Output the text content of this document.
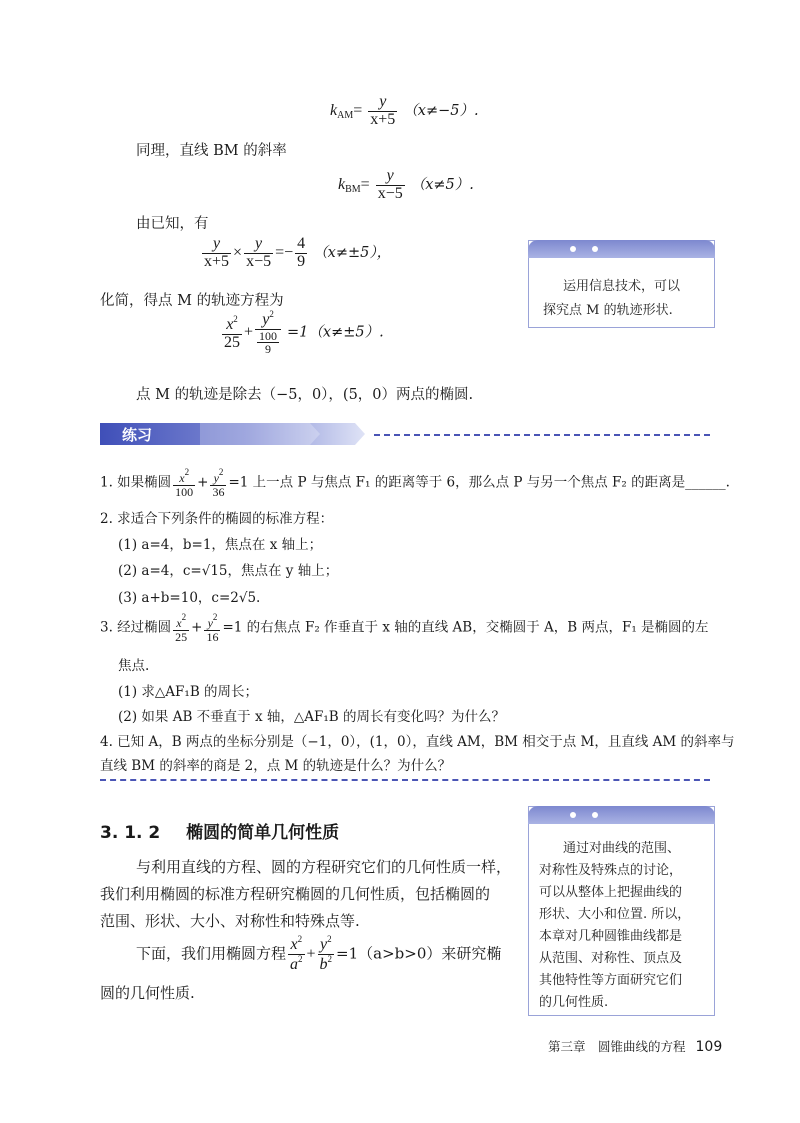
$kAM= \frac{y}{x+5} (x\ne-5)$.
同理，直线 BM 的斜率
$kBM= \frac{y}{x-5} (x\ne 5)$.
由已知，有
$\frac{y}{x+5} \times \frac{y}{x-5} =- \frac{4}{9} (x\ne\pm 5)$，
化简，得点 M 的轨迹方程为
$\frac{x^2}{25} + \frac{y^2}{\frac{100}{9}} =1(x\ne\pm 5)$.
点 M 的轨迹是除去（−5，0），(5，0）两点的椭圆.
运用信息技术，可以
探究点 M 的轨迹形状.
练习
1. 如果椭圆 $\frac{x^2}{100} + \frac{y^2}{36} =1$ 上一点 P 与焦点 F₁ 的距离等于 6，那么点 P 与另一个焦点 F₂ 的距离是______.
2. 求适合下列条件的椭圆的标准方程：
(1) a=4，b=1，焦点在 x 轴上；
(2) a=4，c=√15，焦点在 y 轴上；
(3) a+b=10，c=2√5.
3. 经过椭圆 $\frac{x^2}{25} + \frac{y^2}{16} =1$ 的右焦点 F₂ 作垂直于 x 轴的直线 AB，交椭圆于 A，B 两点，F₁ 是椭圆的左
焦点.
(1) 求△AF₁B 的周长；
(2) 如果 AB 不垂直于 x 轴，△AF₁B 的周长有变化吗？为什么？
4. 已知 A，B 两点的坐标分别是（−1，0），(1，0），直线 AM，BM 相交于点 M，且直线 AM 的斜率与
直线 BM 的斜率的商是 2，点 M 的轨迹是什么？为什么？
3. 1. 2 椭圆的简单几何性质
与利用直线的方程、圆的方程研究它们的几何性质一样，
我们利用椭圆的标准方程研究椭圆的几何性质，包括椭圆的
范围、形状、大小、对称性和特殊点等.
下面，我们用椭圆方程 $\frac{x^2}{a^2} + \frac{y^2}{b^2} =1(a>b>0)$来研究椭
圆的几何性质.
通过对曲线的范围、
对称性及特殊点的讨论，
可以从整体上把握曲线的
形状、大小和位置. 所以，
本章对几种圆锥曲线都是
从范围、对称性、顶点及
其他特性等方面研究它们
的几何性质.
第三章　圆锥曲线的方程 109
